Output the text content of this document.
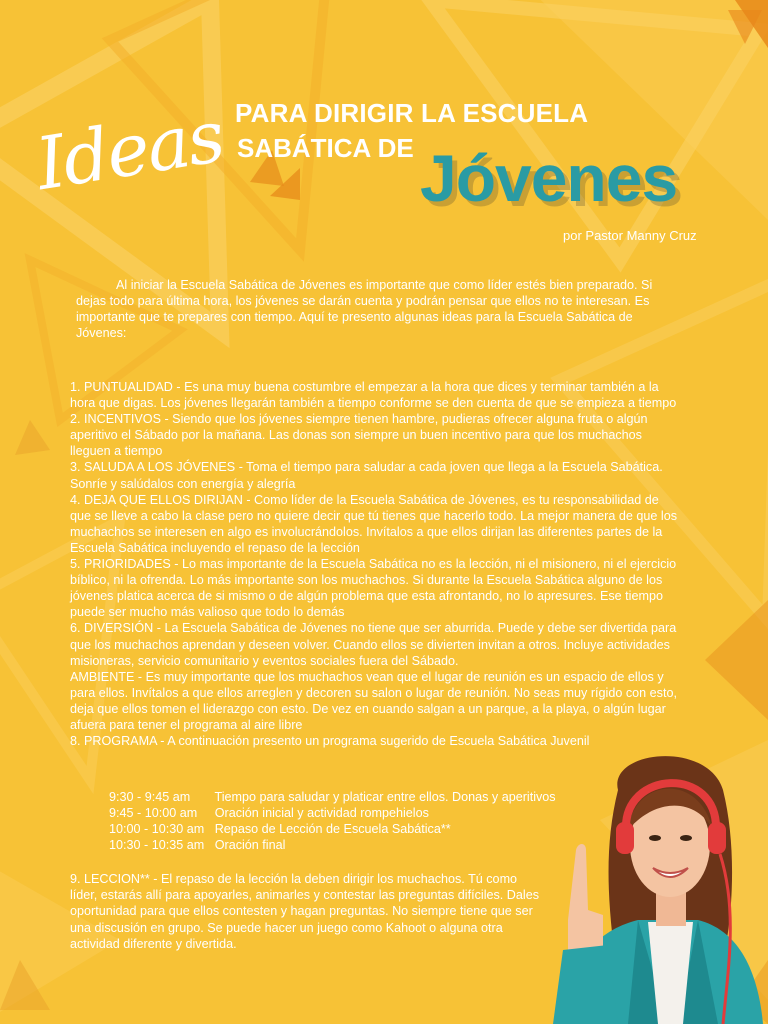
Ideas PARA DIRIGIR LA ESCUELA
SABÁTICA DE Jóvenes
por Pastor Manny Cruz

Al iniciar la Escuela Sabática de Jóvenes es importante que como líder estés bien preparado. Si dejas todo para última hora, los jóvenes se darán cuenta y podrán pensar que ellos no te interesan. Es importante que te prepares con tiempo. Aquí te presento algunas ideas para la Escuela Sabática de Jóvenes:

1. PUNTUALIDAD - Es una muy buena costumbre el empezar a la hora que dices y terminar también a la hora que digas. Los jóvenes llegarán también a tiempo conforme se den cuenta de que se empieza a tiempo

2. INCENTIVOS - Siendo que los jóvenes siempre tienen hambre, pudieras ofrecer alguna fruta o algún aperitivo el Sábado por la mañana. Las donas son siempre un buen incentivo para que los muchachos lleguen a tiempo

3. SALUDA A LOS JÓVENES - Toma el tiempo para saludar a cada joven que llega a la Escuela Sabática. Sonríe y salúdalos con energía y alegría

4. DEJA QUE ELLOS DIRIJAN - Como líder de la Escuela Sabática de Jóvenes, es tu responsabilidad de que se lleve a cabo la clase pero no quiere decir que tú tienes que hacerlo todo. La mejor manera de que los muchachos se interesen en algo es involucrándolos. Invítalos a que ellos dirijan las diferentes partes de la Escuela Sabática incluyendo el repaso de la lección

5. PRIORIDADES - Lo mas importante de la Escuela Sabática no es la lección, ni el misionero, ni el ejercicio bíblico, ni la ofrenda. Lo más importante son los muchachos. Si durante la Escuela Sabática alguno de los jóvenes platica acerca de si mismo o de algún problema que esta afrontando, no lo apresures. Ese tiempo puede ser mucho más valioso que todo lo demás

6. DIVERSIÓN - La Escuela Sabática de Jóvenes no tiene que ser aburrida. Puede y debe ser divertida para que los muchachos aprendan y deseen volver. Cuando ellos se divierten invitan a otros. Incluye actividades misioneras, servicio comunitario y eventos sociales fuera del Sábado.

AMBIENTE - Es muy importante que los muchachos vean que el lugar de reunión es un espacio de ellos y para ellos. Invítalos a que ellos arreglen y decoren su salon o lugar de reunión. No seas muy rígido con esto, deja que ellos tomen el liderazgo con esto. De vez en cuando salgan a un parque, a la playa, o algún lugar afuera para tener el programa al aire libre

8. PROGRAMA - A continuación presento un programa sugerido de Escuela Sabática Juvenil

9:30 - 9:45 am       Tiempo para saludar y platicar entre ellos. Donas y aperitivos
9:45 - 10:00 am     Oración inicial y actividad rompehielos
10:00 - 10:30 am   Repaso de Lección de Escuela Sabática**
10:30 - 10:35 am   Oración final
9. LECCION** - El repaso de la lección la deben dirigir los muchachos. Tú como líder, estarás allí para apoyarles, animarles y contestar las preguntas difíciles. Dales oportunidad para que ellos contesten y hagan preguntas. No siempre tiene que ser una discusión en grupo. Se puede hacer un juego como Kahoot o alguna otra actividad diferente y divertida.
